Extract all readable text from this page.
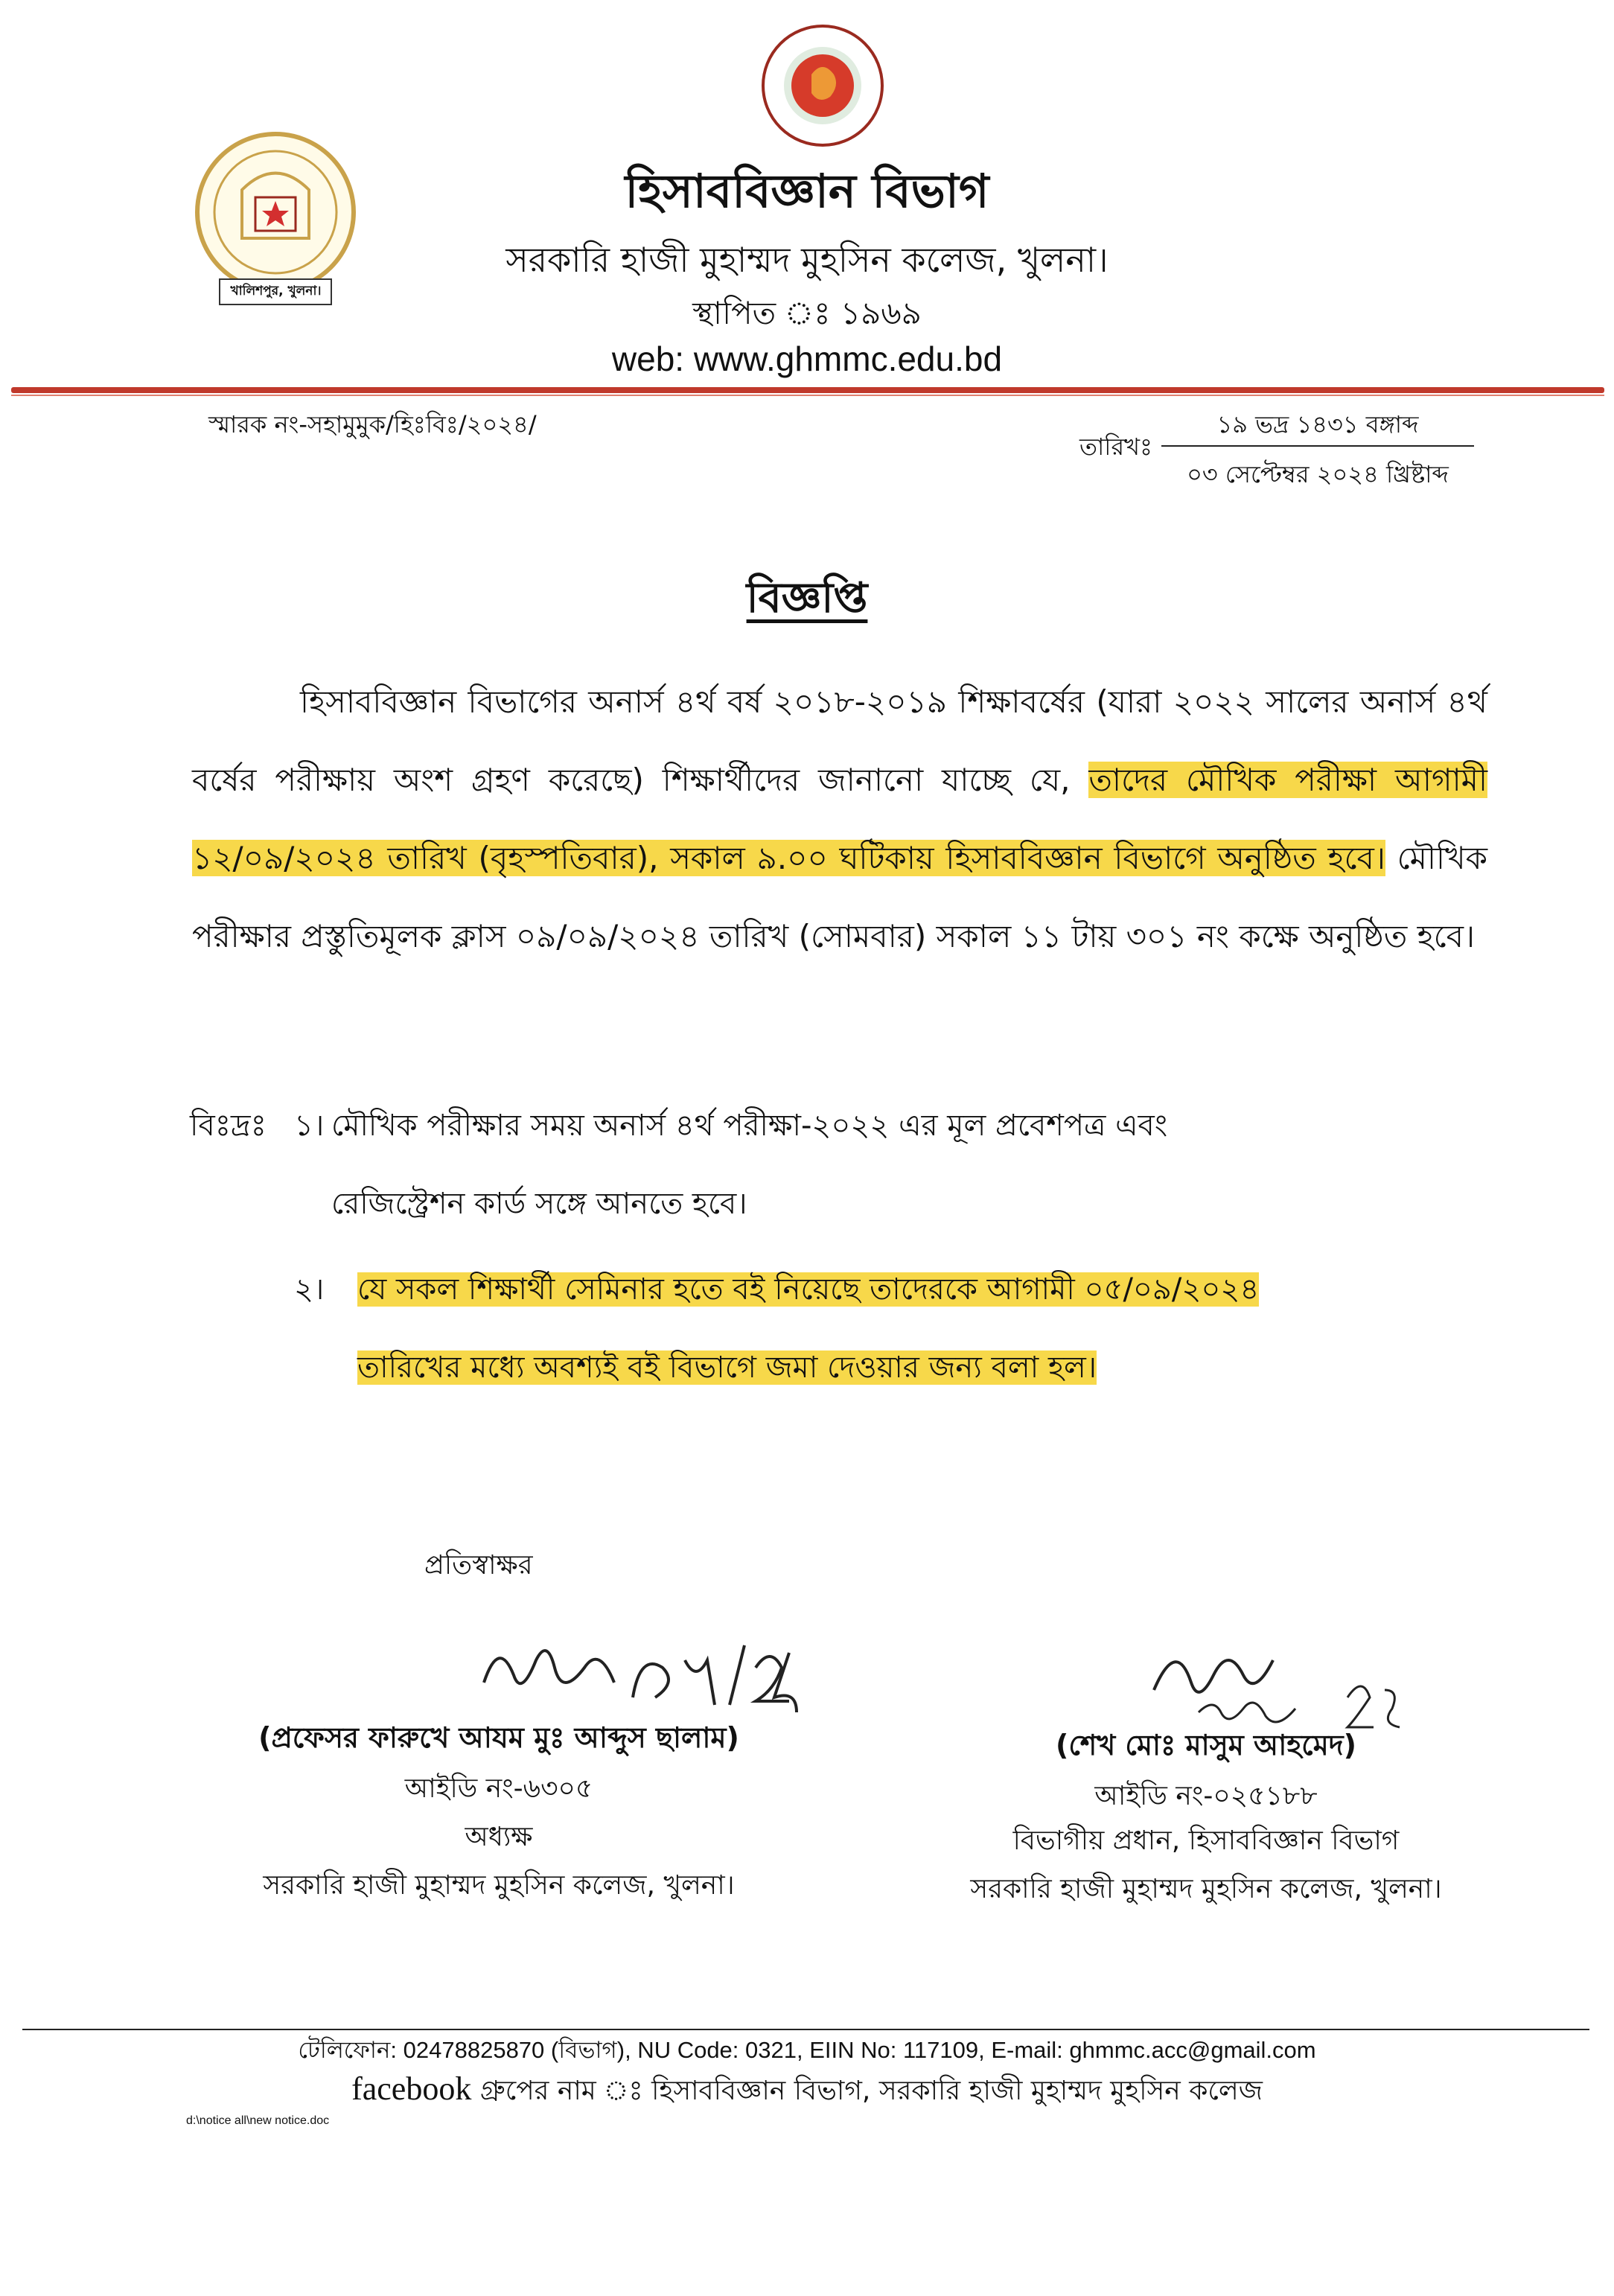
খালিশপুর, খুলনা।
হিসাববিজ্ঞান বিভাগ
সরকারি হাজী মুহাম্মদ মুহসিন কলেজ, খুলনা।
স্থাপিত ঃ ১৯৬৯
web: www.ghmmc.edu.bd
স্মারক নং-সহামুমুক/হিঃবিঃ/২০২৪/
তারিখঃ
১৯ ভদ্র ১৪৩১ বঙ্গাব্দ
০৩ সেপ্টেম্বর ২০২৪ খ্রিষ্টাব্দ
বিজ্ঞপ্তি
হিসাববিজ্ঞান বিভাগের অনার্স ৪র্থ বর্ষ ২০১৮-২০১৯ শিক্ষাবর্ষের (যারা ২০২২ সালের অনার্স ৪র্থ বর্ষের পরীক্ষায় অংশ গ্রহণ করেছে) শিক্ষার্থীদের জানানো যাচ্ছে যে, তাদের মৌখিক পরীক্ষা আগামী ১২/০৯/২০২৪ তারিখ (বৃহস্পতিবার), সকাল ৯.০০ ঘটিকায় হিসাববিজ্ঞান বিভাগে অনুষ্ঠিত হবে। মৌখিক পরীক্ষার প্রস্তুতিমূলক ক্লাস ০৯/০৯/২০২৪ তারিখ (সোমবার) সকাল ১১ টায় ৩০১ নং কক্ষে অনুষ্ঠিত হবে।
বিঃদ্রঃ ১। মৌখিক পরীক্ষার সময় অনার্স ৪র্থ পরীক্ষা-২০২২ এর মূল প্রবেশপত্র এবং
রেজিস্ট্রেশন কার্ড সঙ্গে আনতে হবে।
২। যে সকল শিক্ষার্থী সেমিনার হতে বই নিয়েছে তাদেরকে আগামী ০৫/০৯/২০২৪
তারিখের মধ্যে অবশ্যই বই বিভাগে জমা দেওয়ার জন্য বলা হল।
প্রতিস্বাক্ষর
(প্রফেসর ফারুখে আযম মুঃ আব্দুস ছালাম)
আইডি নং-৬৩০৫
অধ্যক্ষ
সরকারি হাজী মুহাম্মদ মুহসিন কলেজ, খুলনা।
(শেখ মোঃ মাসুম আহমেদ)
আইডি নং-০২৫১৮৮
বিভাগীয় প্রধান, হিসাববিজ্ঞান বিভাগ
সরকারি হাজী মুহাম্মদ মুহসিন কলেজ, খুলনা।
টেলিফোন: 02478825870 (বিভাগ), NU Code: 0321, EIIN No: 117109, E-mail: ghmmc.acc@gmail.com
facebook গ্রুপের নাম ঃ হিসাববিজ্ঞান বিভাগ, সরকারি হাজী মুহাম্মদ মুহসিন কলেজ
d:\notice all\new notice.doc
